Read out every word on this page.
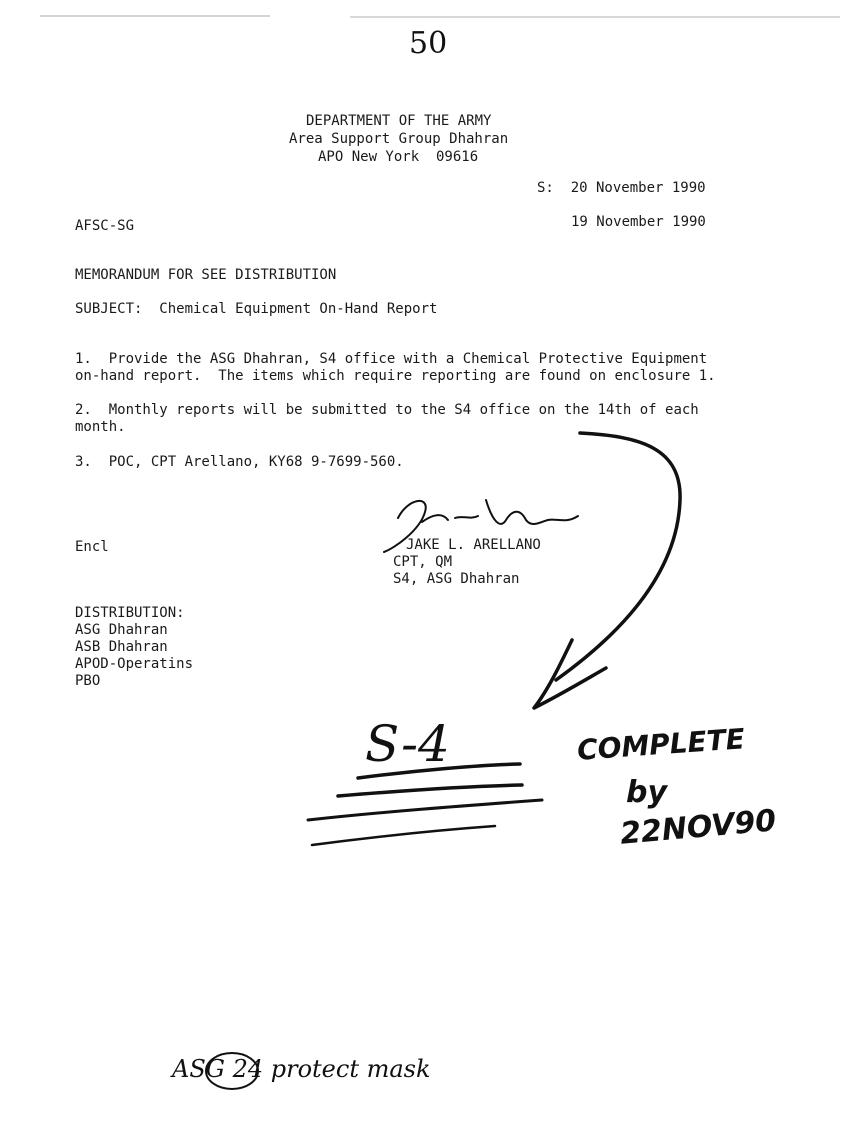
50
DEPARTMENT OF THE ARMY
Area Support Group Dhahran
APO New York  09616
S:  20 November 1990
AFSC-SG	19 November 1990
MEMORANDUM FOR SEE DISTRIBUTION
SUBJECT:  Chemical Equipment On-Hand Report
1.  Provide the ASG Dhahran, S4 office with a Chemical Protective Equipment
on-hand report.  The items which require reporting are found on enclosure 1.
2.  Monthly reports will be submitted to the S4 office on the 14th of each
month.
3.  POC, CPT Arellano, KY68 9-7699-560.
Encl	JAKE L. ARELLANO
CPT, QM
S4, ASG Dhahran
DISTRIBUTION:
ASG Dhahran
ASB Dhahran
APOD-Operatins
PBO
S-4	COMPLETE
by
22NOV90
ASG 24 protect mask
